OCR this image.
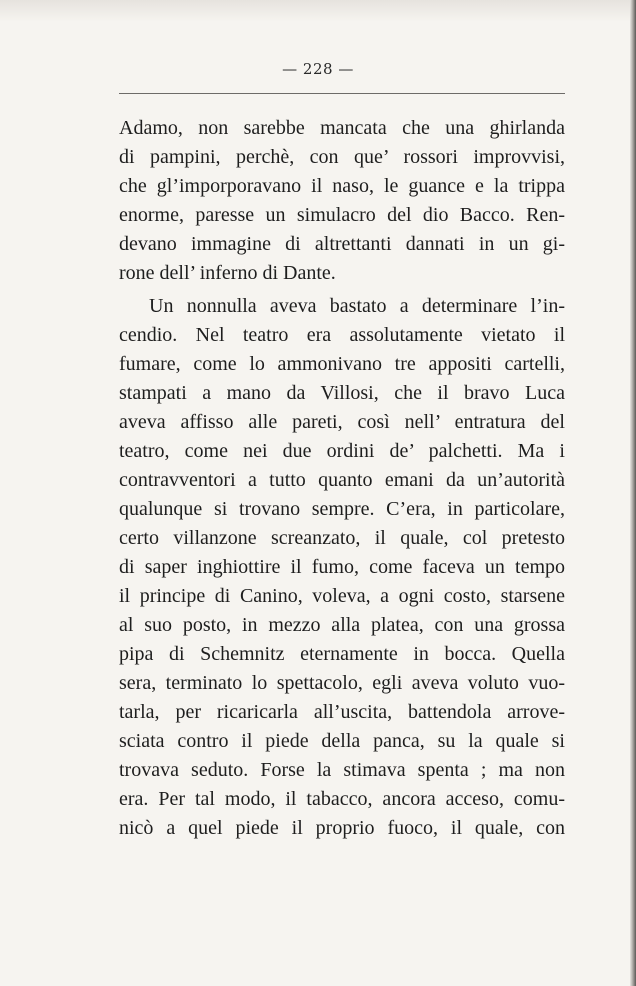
— 228 —
Adamo, non sarebbe mancata che una ghirlanda
di pampini, perchè, con que’ rossori improvvisi,
che gl’imporporavano il naso, le guance e la trippa
enorme, paresse un simulacro del dio Bacco. Ren-
devano immagine di altrettanti dannati in un gi-
rone dell’ inferno di Dante.
Un nonnulla aveva bastato a determinare l’in-
cendio. Nel teatro era assolutamente vietato il
fumare, come lo ammonivano tre appositi cartelli,
stampati a mano da Villosi, che il bravo Luca
aveva affisso alle pareti, così nell’ entratura del
teatro, come nei due ordini de’ palchetti. Ma i
contravventori a tutto quanto emani da un’autorità
qualunque si trovano sempre. C’era, in particolare,
certo villanzone screanzato, il quale, col pretesto
di saper inghiottire il fumo, come faceva un tempo
il principe di Canino, voleva, a ogni costo, starsene
al suo posto, in mezzo alla platea, con una grossa
pipa di Schemnitz eternamente in bocca. Quella
sera, terminato lo spettacolo, egli aveva voluto vuo-
tarla, per ricaricarla all’uscita, battendola arrove-
sciata contro il piede della panca, su la quale si
trovava seduto. Forse la stimava spenta ; ma non
era. Per tal modo, il tabacco, ancora acceso, comu-
nicò a quel piede il proprio fuoco, il quale, con
